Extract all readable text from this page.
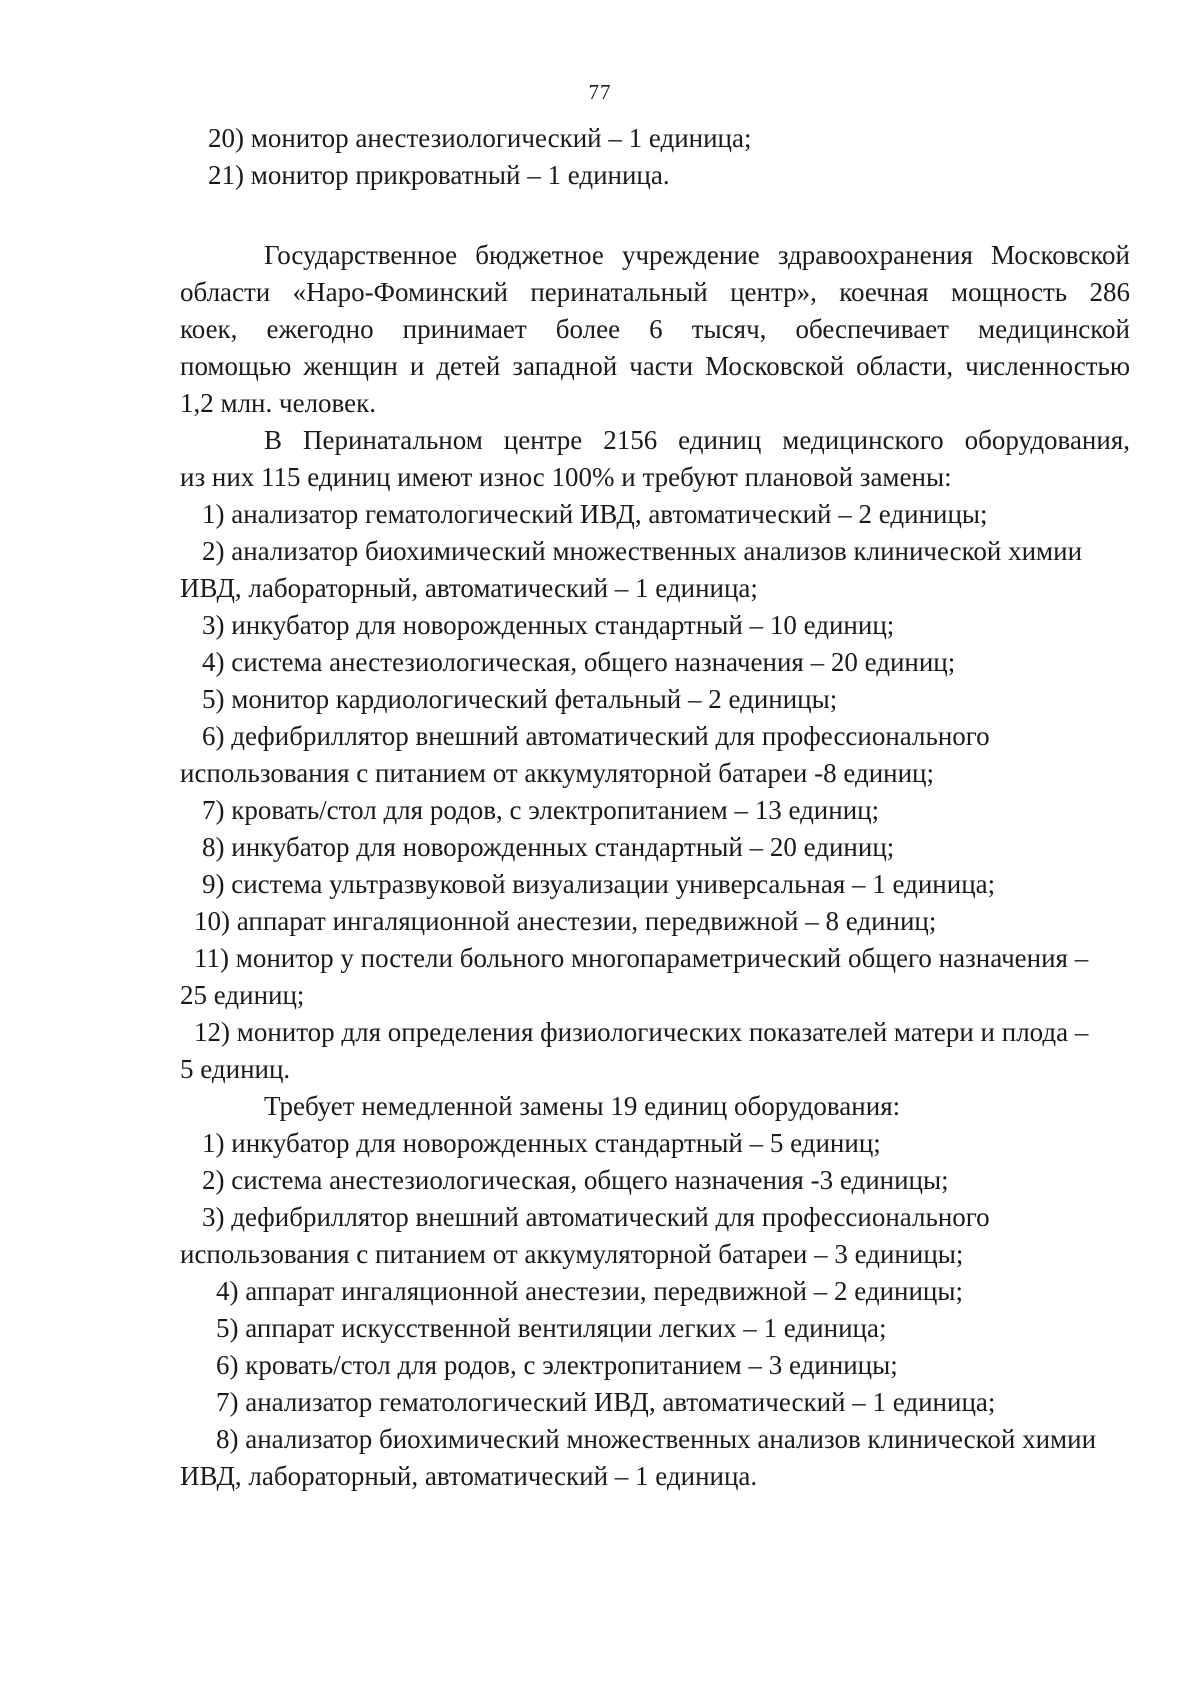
77
20) монитор анестезиологический – 1 единица;
21) монитор прикроватный – 1 единица.
Государственное бюджетное учреждение здравоохранения Московской
области «Наро-Фоминский перинатальный центр», коечная мощность 286
коек, ежегодно принимает более 6 тысяч, обеспечивает медицинской
помощью женщин и детей западной части Московской области, численностью
1,2 млн. человек.
В Перинатальном центре 2156 единиц медицинского оборудования,
из них 115 единиц имеют износ 100% и требуют плановой замены:
1) анализатор гематологический ИВД, автоматический – 2 единицы;
2) анализатор биохимический множественных анализов клинической химии
ИВД, лабораторный, автоматический – 1 единица;
3) инкубатор для новорожденных стандартный – 10 единиц;
4) система анестезиологическая, общего назначения – 20 единиц;
5) монитор кардиологический фетальный – 2 единицы;
6) дефибриллятор внешний автоматический для профессионального
использования с питанием от аккумуляторной батареи -8 единиц;
7) кровать/стол для родов, с электропитанием – 13 единиц;
8) инкубатор для новорожденных стандартный – 20 единиц;
9) система ультразвуковой визуализации универсальная – 1 единица;
10) аппарат ингаляционной анестезии, передвижной – 8 единиц;
11) монитор у постели больного многопараметрический общего назначения –
25 единиц;
12) монитор для определения физиологических показателей матери и плода –
5 единиц.
Требует немедленной замены 19 единиц оборудования:
1) инкубатор для новорожденных стандартный – 5 единиц;
2) система анестезиологическая, общего назначения -3 единицы;
3) дефибриллятор внешний автоматический для профессионального
использования с питанием от аккумуляторной батареи – 3 единицы;
4) аппарат ингаляционной анестезии, передвижной – 2 единицы;
5) аппарат искусственной вентиляции легких – 1 единица;
6) кровать/стол для родов, с электропитанием – 3 единицы;
7) анализатор гематологический ИВД, автоматический – 1 единица;
8) анализатор биохимический множественных анализов клинической химии
ИВД, лабораторный, автоматический – 1 единица.
